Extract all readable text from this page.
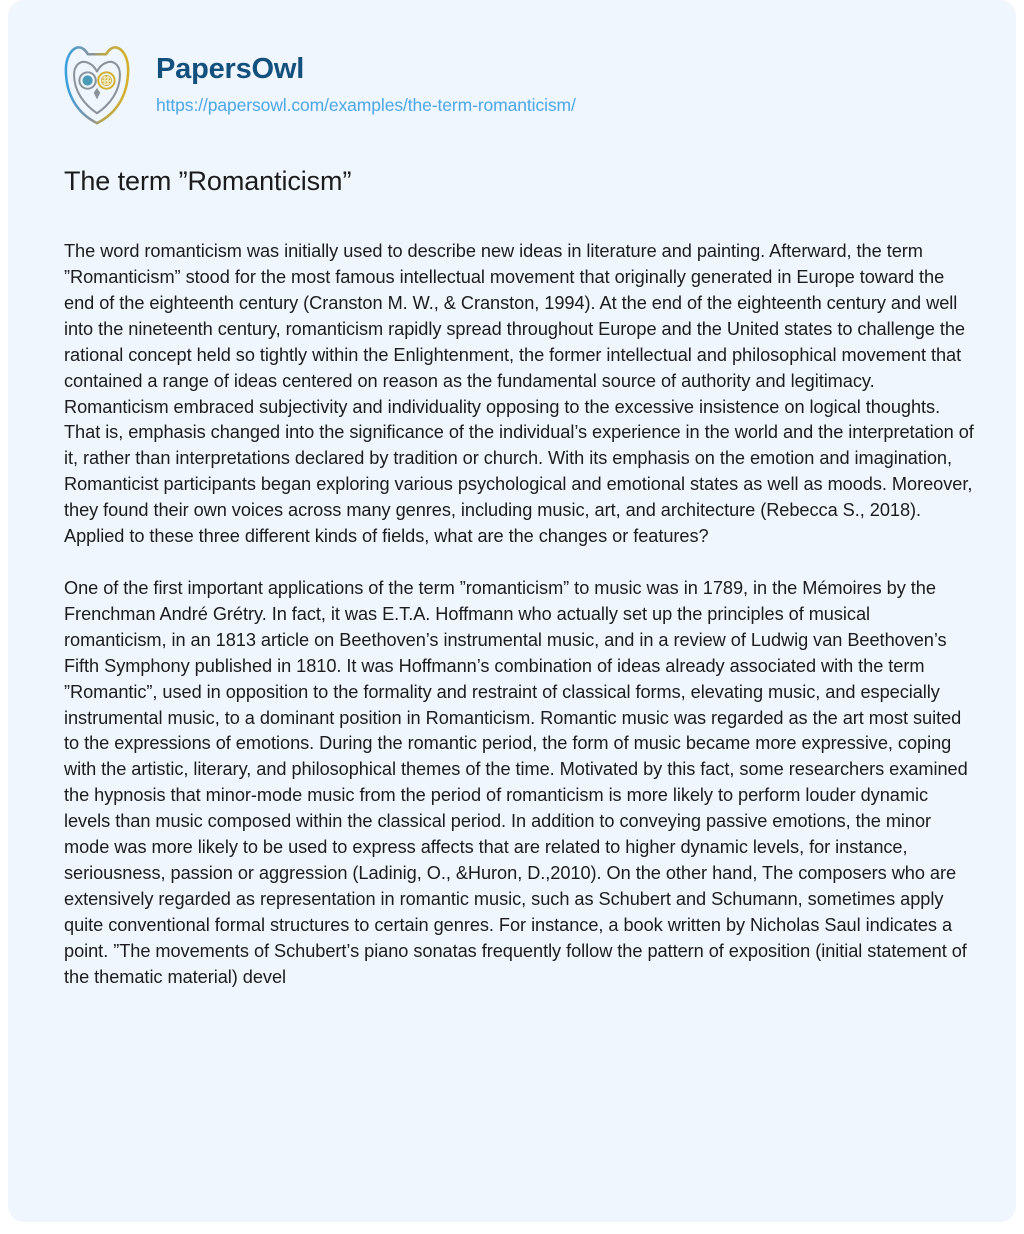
PapersOwl
https://papersowl.com/examples/the-term-romanticism/
The term ”Romanticism”

The word romanticism was initially used to describe new ideas in literature and painting. Afterward, the term ”Romanticism” stood for the most famous intellectual movement that originally generated in Europe toward the end of the eighteenth century (Cranston M. W., & Cranston, 1994). At the end of the eighteenth century and well into the nineteenth century, romanticism rapidly spread throughout Europe and the United states to challenge the rational concept held so tightly within the Enlightenment, the former intellectual and philosophical movement that contained a range of ideas centered on reason as the fundamental source of authority and legitimacy. Romanticism embraced subjectivity and individuality opposing to the excessive insistence on logical thoughts. That is, emphasis changed into the significance of the individual’s experience in the world and the interpretation of it, rather than interpretations declared by tradition or church. With its emphasis on the emotion and imagination, Romanticist participants began exploring various psychological and emotional states as well as moods. Moreover, they found their own voices across many genres, including music, art, and architecture (Rebecca S., 2018). Applied to these three different kinds of fields, what are the changes or features?

One of the first important applications of the term ”romanticism” to music was in 1789, in the Mémoires by the Frenchman André Grétry. In fact, it was E.T.A. Hoffmann who actually set up the principles of musical romanticism, in an 1813 article on Beethoven’s instrumental music, and in a review of Ludwig van Beethoven’s Fifth Symphony published in 1810. It was Hoffmann’s combination of ideas already associated with the term ”Romantic”, used in opposition to the formality and restraint of classical forms, elevating music, and especially instrumental music, to a dominant position in Romanticism. Romantic music was regarded as the art most suited to the expressions of emotions. During the romantic period, the form of music became more expressive, coping with the artistic, literary, and philosophical themes of the time. Motivated by this fact, some researchers examined the hypnosis that minor-mode music from the period of romanticism is more likely to perform louder dynamic levels than music composed within the classical period. In addition to conveying passive emotions, the minor mode was more likely to be used to express affects that are related to higher dynamic levels, for instance, seriousness, passion or aggression (Ladinig, O., &Huron, D.,2010). On the other hand, The composers who are extensively regarded as representation in romantic music, such as Schubert and Schumann, sometimes apply quite conventional formal structures to certain genres. For instance, a book written by Nicholas Saul indicates a point. ”The movements of Schubert’s piano sonatas frequently follow the pattern of exposition (initial statement of the thematic material) devel
